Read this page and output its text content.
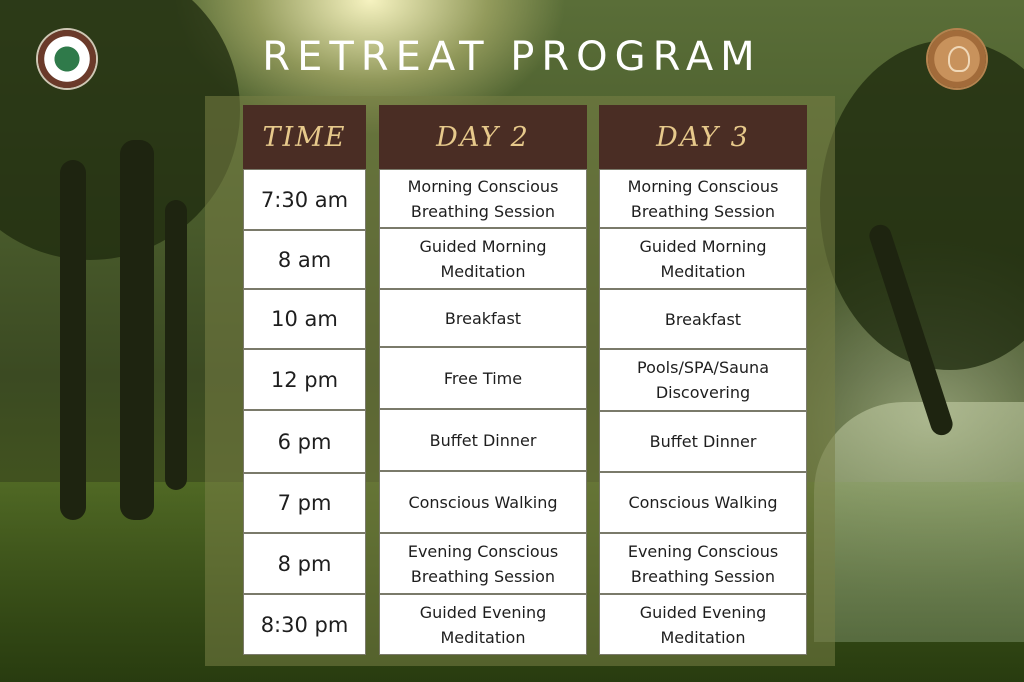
RETREAT PROGRAM
TIME
7:30 am
8 am
10 am
12 pm
6 pm
7 pm
8 pm
8:30 pm
DAY 2
Morning Conscious Breathing Session
Guided Morning Meditation
Breakfast
Free Time
Buffet Dinner
Conscious Walking
Evening Conscious Breathing Session
Guided Evening Meditation
DAY 3
Morning Conscious Breathing Session
Guided Morning Meditation
Breakfast
Pools/SPA/Sauna Discovering
Buffet Dinner
Conscious Walking
Evening Conscious Breathing Session
Guided Evening Meditation
